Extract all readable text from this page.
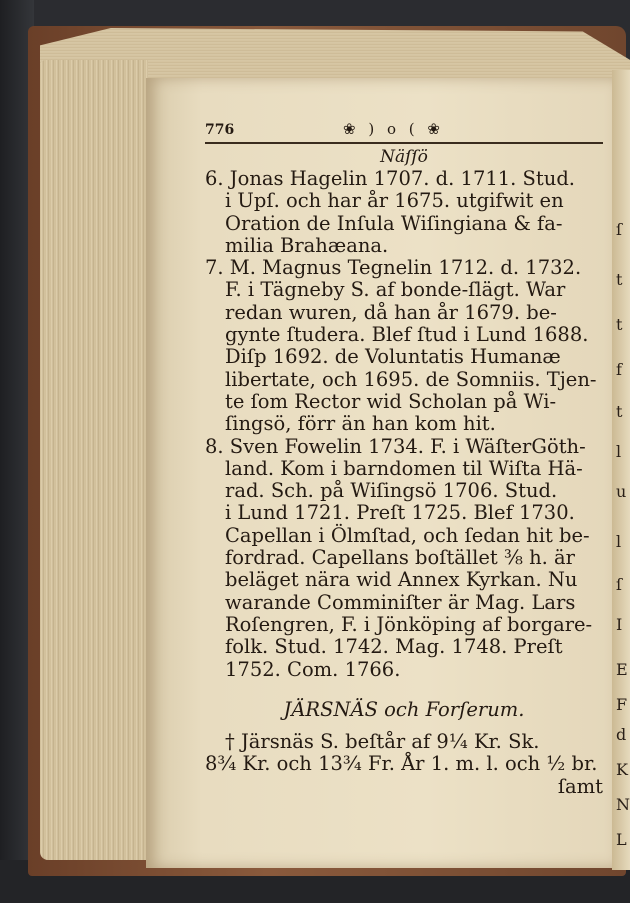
ſ
t
t
f
t
l
u
l
ſ
I
E
F
d
K
N
L
776	❀ ) o ( ❀
Näſſö
6. Jonas Hagelin 1707. d. 1711. Stud.
i Upſ. och har år 1675. utgifwit en
Oration de Inſula Wiſingiana & fa-
milia Brahæana.
7. M. Magnus Tegnelin 1712. d. 1732.
F. i Tägneby S. af bonde-ſlägt. War
redan wuren, då han år 1679. be-
gynte ſtudera. Blef ſtud i Lund 1688.
Diſp 1692. de Voluntatis Humanæ
libertate, och 1695. de Somniis. Tjen-
te ſom Rector wid Scholan på Wi-
ſingsö, förr än han kom hit.
8. Sven Fowelin 1734. F. i WäſterGöth-
land. Kom i barndomen til Wiſta Hä-
rad. Sch. på Wiſingsö 1706. Stud.
i Lund 1721. Preſt 1725. Blef 1730.
Capellan i Ölmſtad, och ſedan hit be-
fordrad. Capellans boſtället ⅜ h. är
beläget nära wid Annex Kyrkan. Nu
warande Comminiſter är Mag. Lars
Roſengren, F. i Jönköping af borgare-
folk. Stud. 1742. Mag. 1748. Preſt
1752. Com. 1766.
JÄRSNÄS och Forſerum.
† Järsnäs S. beſtår af 9¼ Kr. Sk.
8¾ Kr. och 13¾ Fr. År 1. m. l. och ½ br.
ſamt
